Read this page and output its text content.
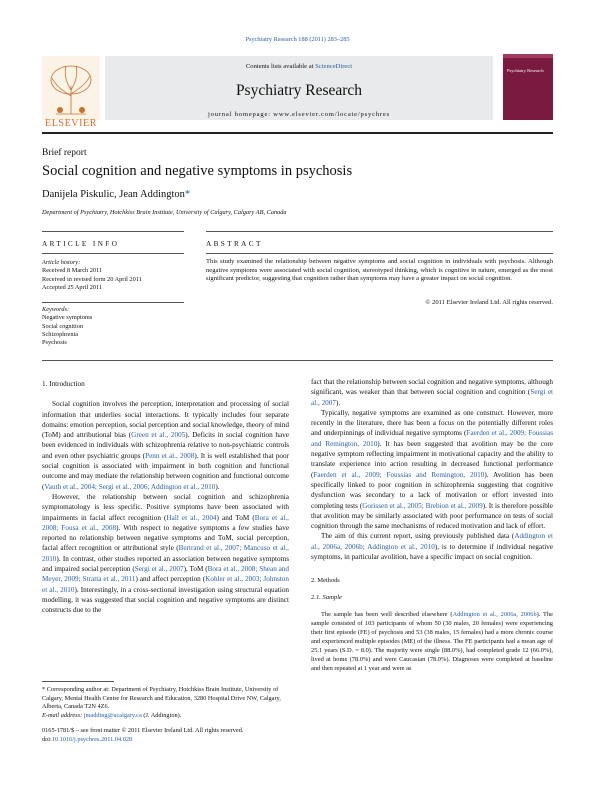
Psychiatry Research 188 (2011) 283–285
ELSEVIER
Contents lists available at ScienceDirect
Psychiatry Research
journal homepage: www.elsevier.com/locate/psychres
Psychiatry Research
Brief report
Social cognition and negative symptoms in psychosis
Danijela Piskulic, Jean Addington*
Department of Psychiatry, Hotchkiss Brain Institute, University of Calgary, Calgary AB, Canada
ARTICLE INFO	ABSTRACT
Article history:
Received 8 March 2011
Received in revised form 20 April 2011
Accepted 25 April 2011
Keywords:
Negative symptoms
Social cognition
Schizophrenia
Psychosis
This study examined the relationship between negative symptoms and social cognition in individuals with psychosis. Although negative symptoms were associated with social cognition, stereotyped thinking, which is cognitive in nature, emerged as the most significant predictor, suggesting that cognition rather than symptoms may have a greater impact on social cognition.
© 2011 Elsevier Ireland Ltd. All rights reserved.
1. Introduction

Social cognition involves the perception, interpretation and processing of social information that underlies social interactions. It typically includes four separate domains: emotion perception, social perception and social knowledge, theory of mind (ToM) and attributional bias (Green et al., 2005). Deficits in social cognition have been evidenced in individuals with schizophrenia relative to non-psychiatric controls and even other psychiatric groups (Penn et al., 2008). It is well established that poor social cognition is associated with impairment in both cognition and functional outcome and may mediate the relationship between cognition and functional outcome (Vauth et al., 2004; Sergi et al., 2006; Addington et al., 2010).

However, the relationship between social cognition and schizophrenia symptomatology is less specific. Positive symptoms have been associated with impairments in facial affect recognition (Hall et al., 2004) and ToM (Bora et al., 2008; Fousa et al., 2008). With respect to negative symptoms a few studies have reported no relationship between negative symptoms and ToM, social perception, facial affect recognition or attributional style (Bertrand et al., 2007; Mancuso et al., 2010). In contrast, other studies reported an association between negative symptoms and impaired social perception (Sergi et al., 2007), ToM (Bora et al., 2008; Shean and Meyer, 2009; Stratta et al., 2011) and affect perception (Kohler et al., 2003; Johnston et al., 2010). Interestingly, in a cross-sectional investigation using structural equation modelling, it was suggested that social cognition and negative symptoms are distinct constructs due to the

fact that the relationship between social cognition and negative symptoms, although significant, was weaker than that between social cognition and cognition (Sergi et al., 2007).

Typically, negative symptoms are examined as one construct. However, more recently in the literature, there has been a focus on the potentially different roles and underpinnings of individual negative symptoms (Faerden et al., 2009; Foussias and Remington, 2010). It has been suggested that avolition may be the core negative symptom reflecting impairment in motivational capacity and the ability to translate experience into action resulting in decreased functional performance (Faerden et al., 2009; Foussias and Remington, 2010). Avolition has been specifically linked to poor cognition in schizophrenia suggesting that cognitive dysfunction was secondary to a lack of motivation or effort invested into completing tests (Gorissen et al., 2005; Brebion et al., 2009). It is therefore possible that avolition may be similarly associated with poor performance on tests of social cognition through the same mechanisms of reduced motivation and lack of effort.

The aim of this current report, using previously published data (Addington et al., 2006a, 2006b; Addington et al., 2010), is to determine if individual negative symptoms, in particular avolition, have a specific impact on social cognition.

2. Methods
2.1. Sample

The sample has been well described elsewhere (Addington et al., 2006a, 2006b). The sample consisted of 103 participants of whom 50 (30 males, 20 females) were experiencing their first episode (FE) of psychosis and 53 (38 males, 15 females) had a more chronic course and experienced multiple episodes (ME) of the illness. The FE participants had a mean age of 25.1 years (S.D. = 8.0). The majority were single (88.0%), had completed grade 12 (66.0%), lived at home (78.0%) and were Caucasian (78.0%). Diagnoses were completed at baseline and then repeated at 1 year and were as

* Corresponding author at: Department of Psychiatry, Hotchkiss Brain Institute, University of Calgary, Mental Health Centre for Research and Education, 3280 Hospital Drive NW, Calgary, Alberta, Canada T2N 4Z6.
E-mail address: jmadding@ucalgary.ca (J. Addington).
0165-1781/$ – see front matter © 2011 Elsevier Ireland Ltd. All rights reserved.
doi:10.1016/j.psychres.2011.04.028
